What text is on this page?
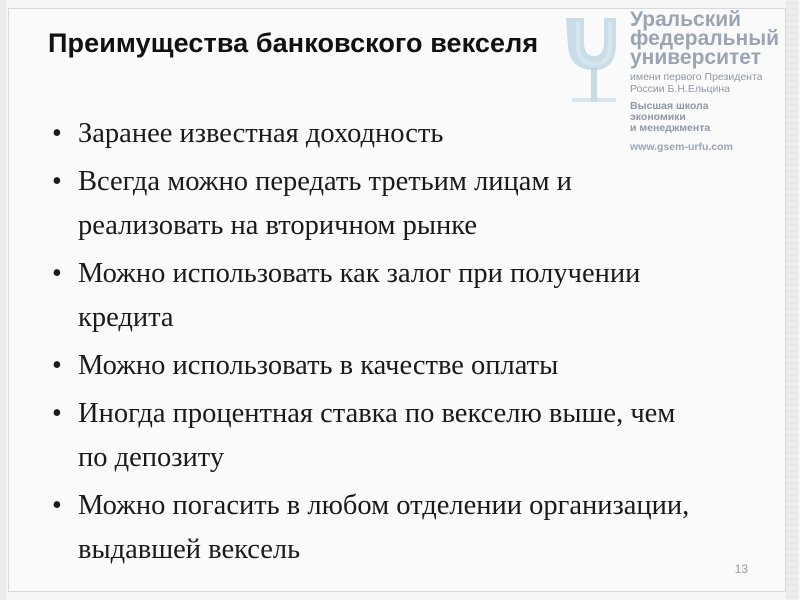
Уральский

федеральный

университет

имени первого Президента

России Б.Н.Ельцина

Высшая школа

экономики

и менеджмента

www.gsem-urfu.com

Преимущества банковского векселя
• Заранее известная доходность
• Всегда можно передать третьим лицам и реализовать на вторичном рынке
• Можно использовать как залог при получении кредита
• Можно использовать в качестве оплаты
• Иногда процентная ставка по векселю выше, чем по депозиту
• Можно погасить в любом отделении организации, выдавшей вексель
13
